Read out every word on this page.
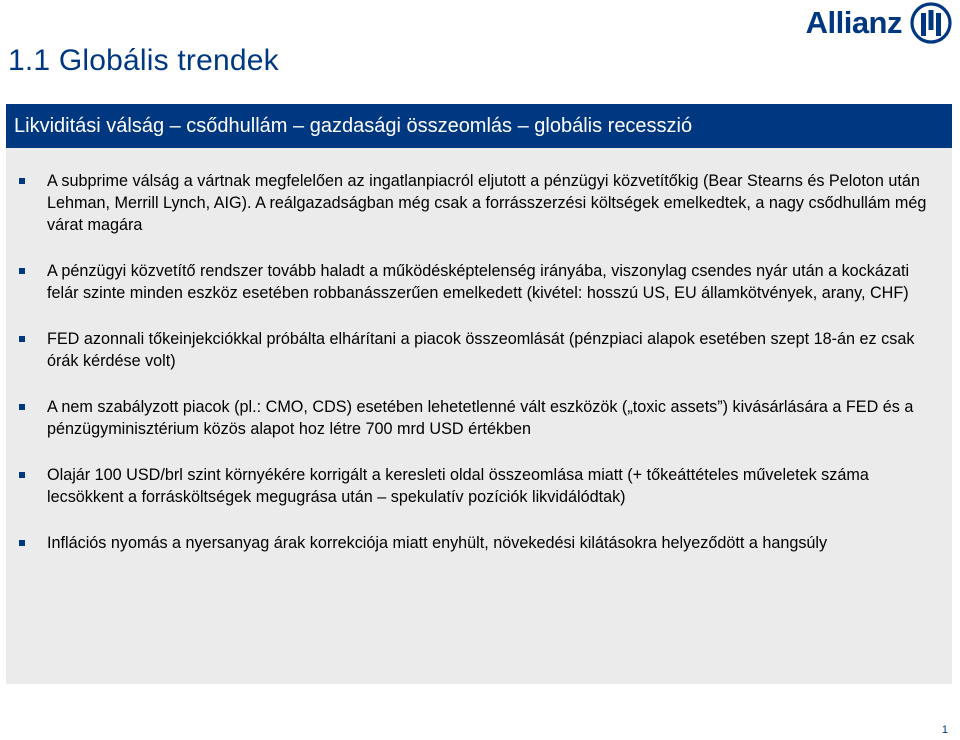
1.1 Globális trendek
Allianz
Likviditási válság – csődhullám – gazdasági összeomlás – globális recesszió
A subprime válság a vártnak megfelelően az ingatlanpiacról eljutott a pénzügyi közvetítőkig (Bear Stearns és Peloton után Lehman, Merrill Lynch, AIG). A reálgazadságban még csak a forrásszerzési költségek emelkedtek, a nagy csődhullám még várat magára
A pénzügyi közvetítő rendszer tovább haladt a működésképtelenség irányába, viszonylag csendes nyár után a kockázati felár szinte minden eszköz esetében robbanásszerűen emelkedett (kivétel: hosszú US, EU államkötvények, arany, CHF)
FED azonnali tőkeinjekciókkal próbálta elhárítani a piacok összeomlását (pénzpiaci alapok esetében szept 18-án ez csak órák kérdése volt)
A nem szabályzott piacok (pl.: CMO, CDS) esetében lehetetlenné vált eszközök („toxic assets”) kivásárlására a FED és a pénzügyminisztérium közös alapot hoz létre 700 mrd USD értékben
Olajár 100 USD/brl szint környékére korrigált a keresleti oldal összeomlása miatt (+ tőkeáttételes műveletek száma lecsökkent a forrásköltségek megugrása után – spekulatív pozíciók likvidálódtak)
Inflációs nyomás a nyersanyag árak korrekciója miatt enyhült, növekedési kilátásokra helyeződött a hangsúly
1
